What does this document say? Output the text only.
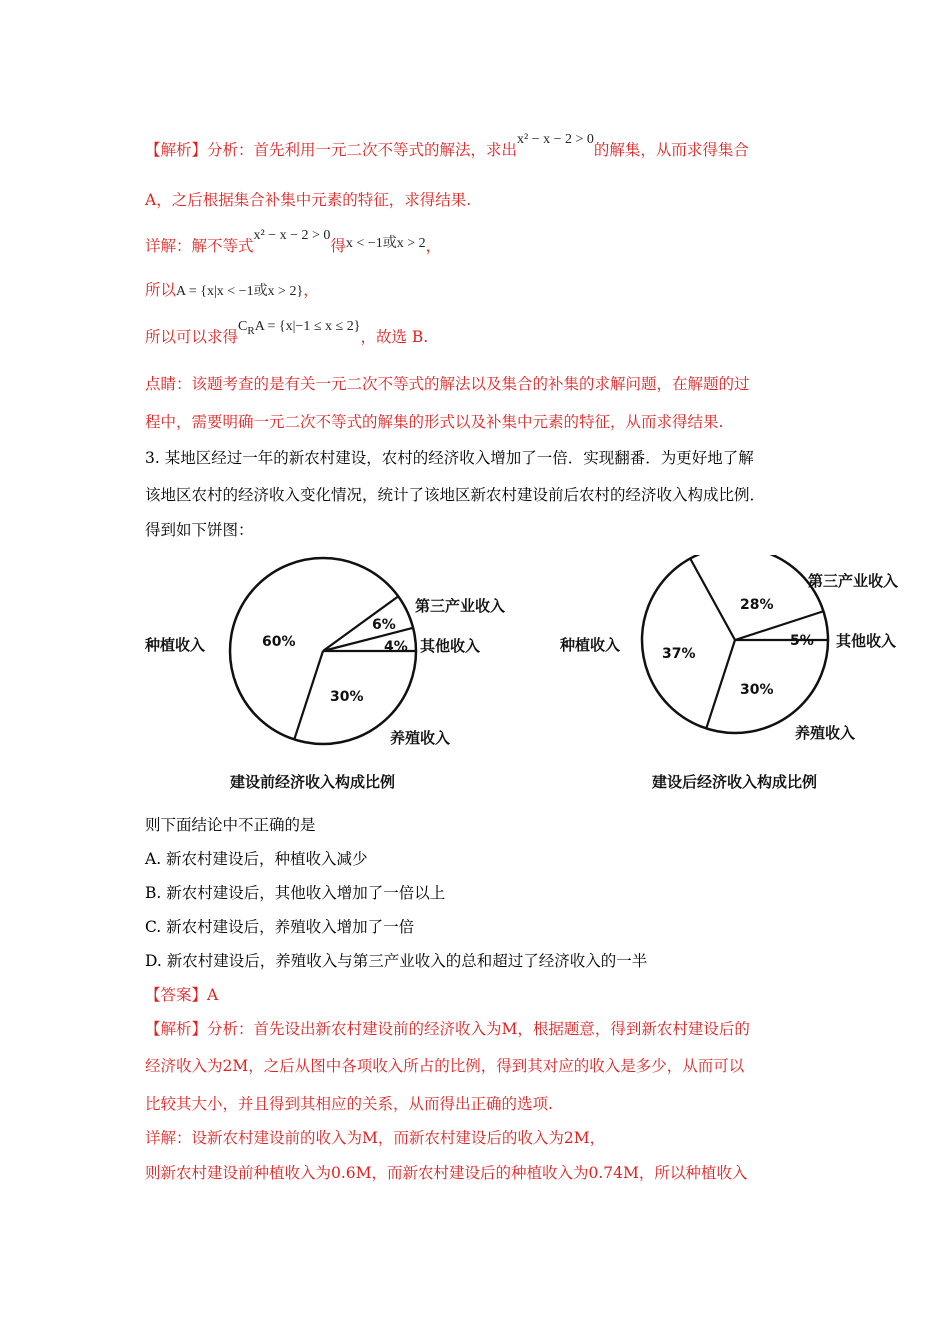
【解析】分析：首先利用一元二次不等式的解法，求出x² − x − 2 > 0的解集，从而求得集合
A，之后根据集合补集中元素的特征，求得结果.
详解：解不等式x² − x − 2 > 0得x < −1或x > 2，
所以A = {x|x < −1或x > 2}，
所以可以求得$C_RA = \{x|-1 \le x \le 2\}$，故选 B.
点睛：该题考查的是有关一元二次不等式的解法以及集合的补集的求解问题，在解题的过
程中，需要明确一元二次不等式的解集的形式以及补集中元素的特征，从而求得结果.
3. 某地区经过一年的新农村建设，农村的经济收入增加了一倍．实现翻番．为更好地了解
该地区农村的经济收入变化情况，统计了该地区新农村建设前后农村的经济收入构成比例．
得到如下饼图：
种植收入
第三产业收入
其他收入
养殖收入
60%
6%
4%
30%
建设前经济收入构成比例
种植收入
第三产业收入
其他收入
养殖收入
37%
28%
5%
30%
建设后经济收入构成比例
则下面结论中不正确的是
A. 新农村建设后，种植收入减少
B. 新农村建设后，其他收入增加了一倍以上
C. 新农村建设后，养殖收入增加了一倍
D. 新农村建设后，养殖收入与第三产业收入的总和超过了经济收入的一半
【答案】A
【解析】分析：首先设出新农村建设前的经济收入为M，根据题意，得到新农村建设后的
经济收入为2M，之后从图中各项收入所占的比例，得到其对应的收入是多少，从而可以
比较其大小，并且得到其相应的关系，从而得出正确的选项.
详解：设新农村建设前的收入为M，而新农村建设后的收入为2M，
则新农村建设前种植收入为0.6M，而新农村建设后的种植收入为0.74M，所以种植收入
